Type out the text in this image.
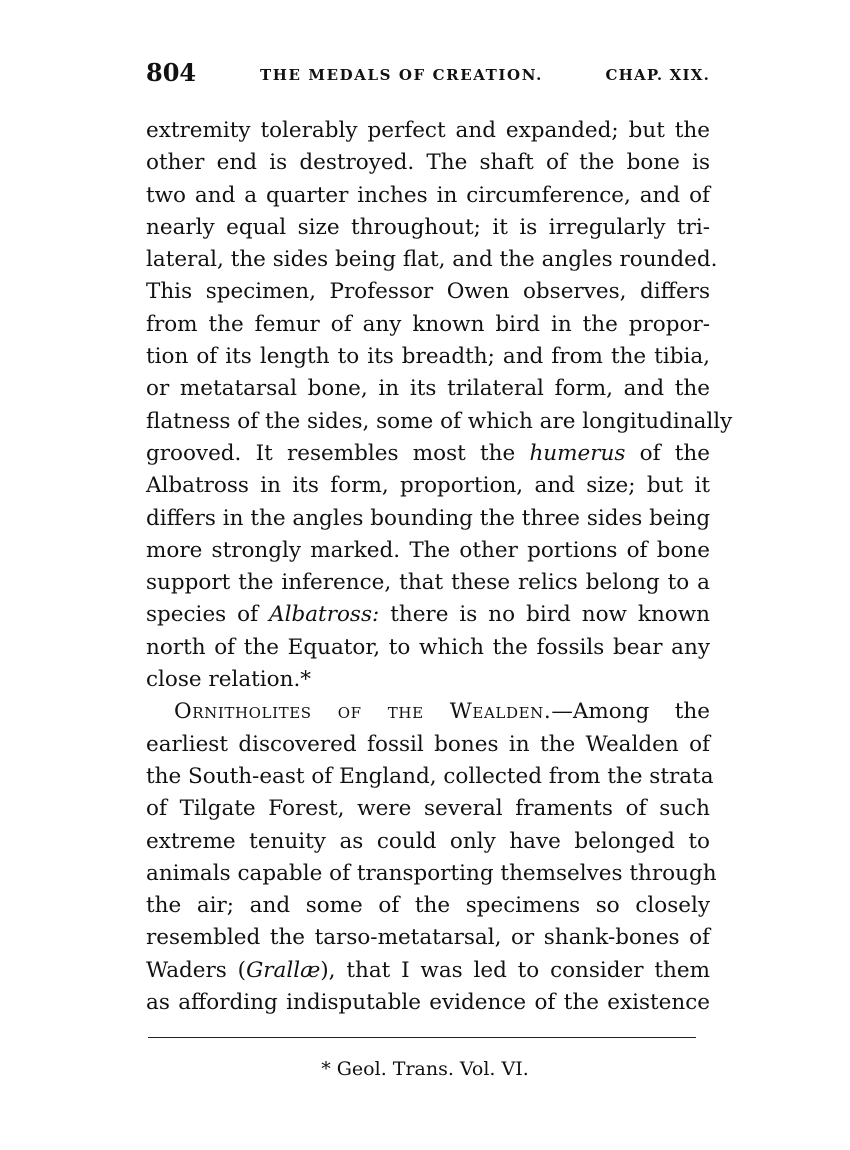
804	THE MEDALS OF CREATION.	CHAP. XIX.
extremity tolerably perfect and expanded; but the
other end is destroyed. The shaft of the bone is
two and a quarter inches in circumference, and of
nearly equal size throughout; it is irregularly tri-
lateral, the sides being flat, and the angles rounded.
This specimen, Professor Owen observes, differs
from the femur of any known bird in the propor-
tion of its length to its breadth; and from the tibia,
or metatarsal bone, in its trilateral form, and the
flatness of the sides, some of which are longitudinally
grooved. It resembles most the humerus of the
Albatross in its form, proportion, and size; but it
differs in the angles bounding the three sides being
more strongly marked. The other portions of bone
support the inference, that these relics belong to a
species of Albatross: there is no bird now known
north of the Equator, to which the fossils bear any
close relation.*
Ornitholites of the Wealden.—Among the
earliest discovered fossil bones in the Wealden of
the South-east of England, collected from the strata
of Tilgate Forest, were several framents of such
extreme tenuity as could only have belonged to
animals capable of transporting themselves through
the air; and some of the specimens so closely
resembled the tarso-metatarsal, or shank-bones of
Waders (Grallæ), that I was led to consider them
as affording indisputable evidence of the existence
* Geol. Trans. Vol. VI.
